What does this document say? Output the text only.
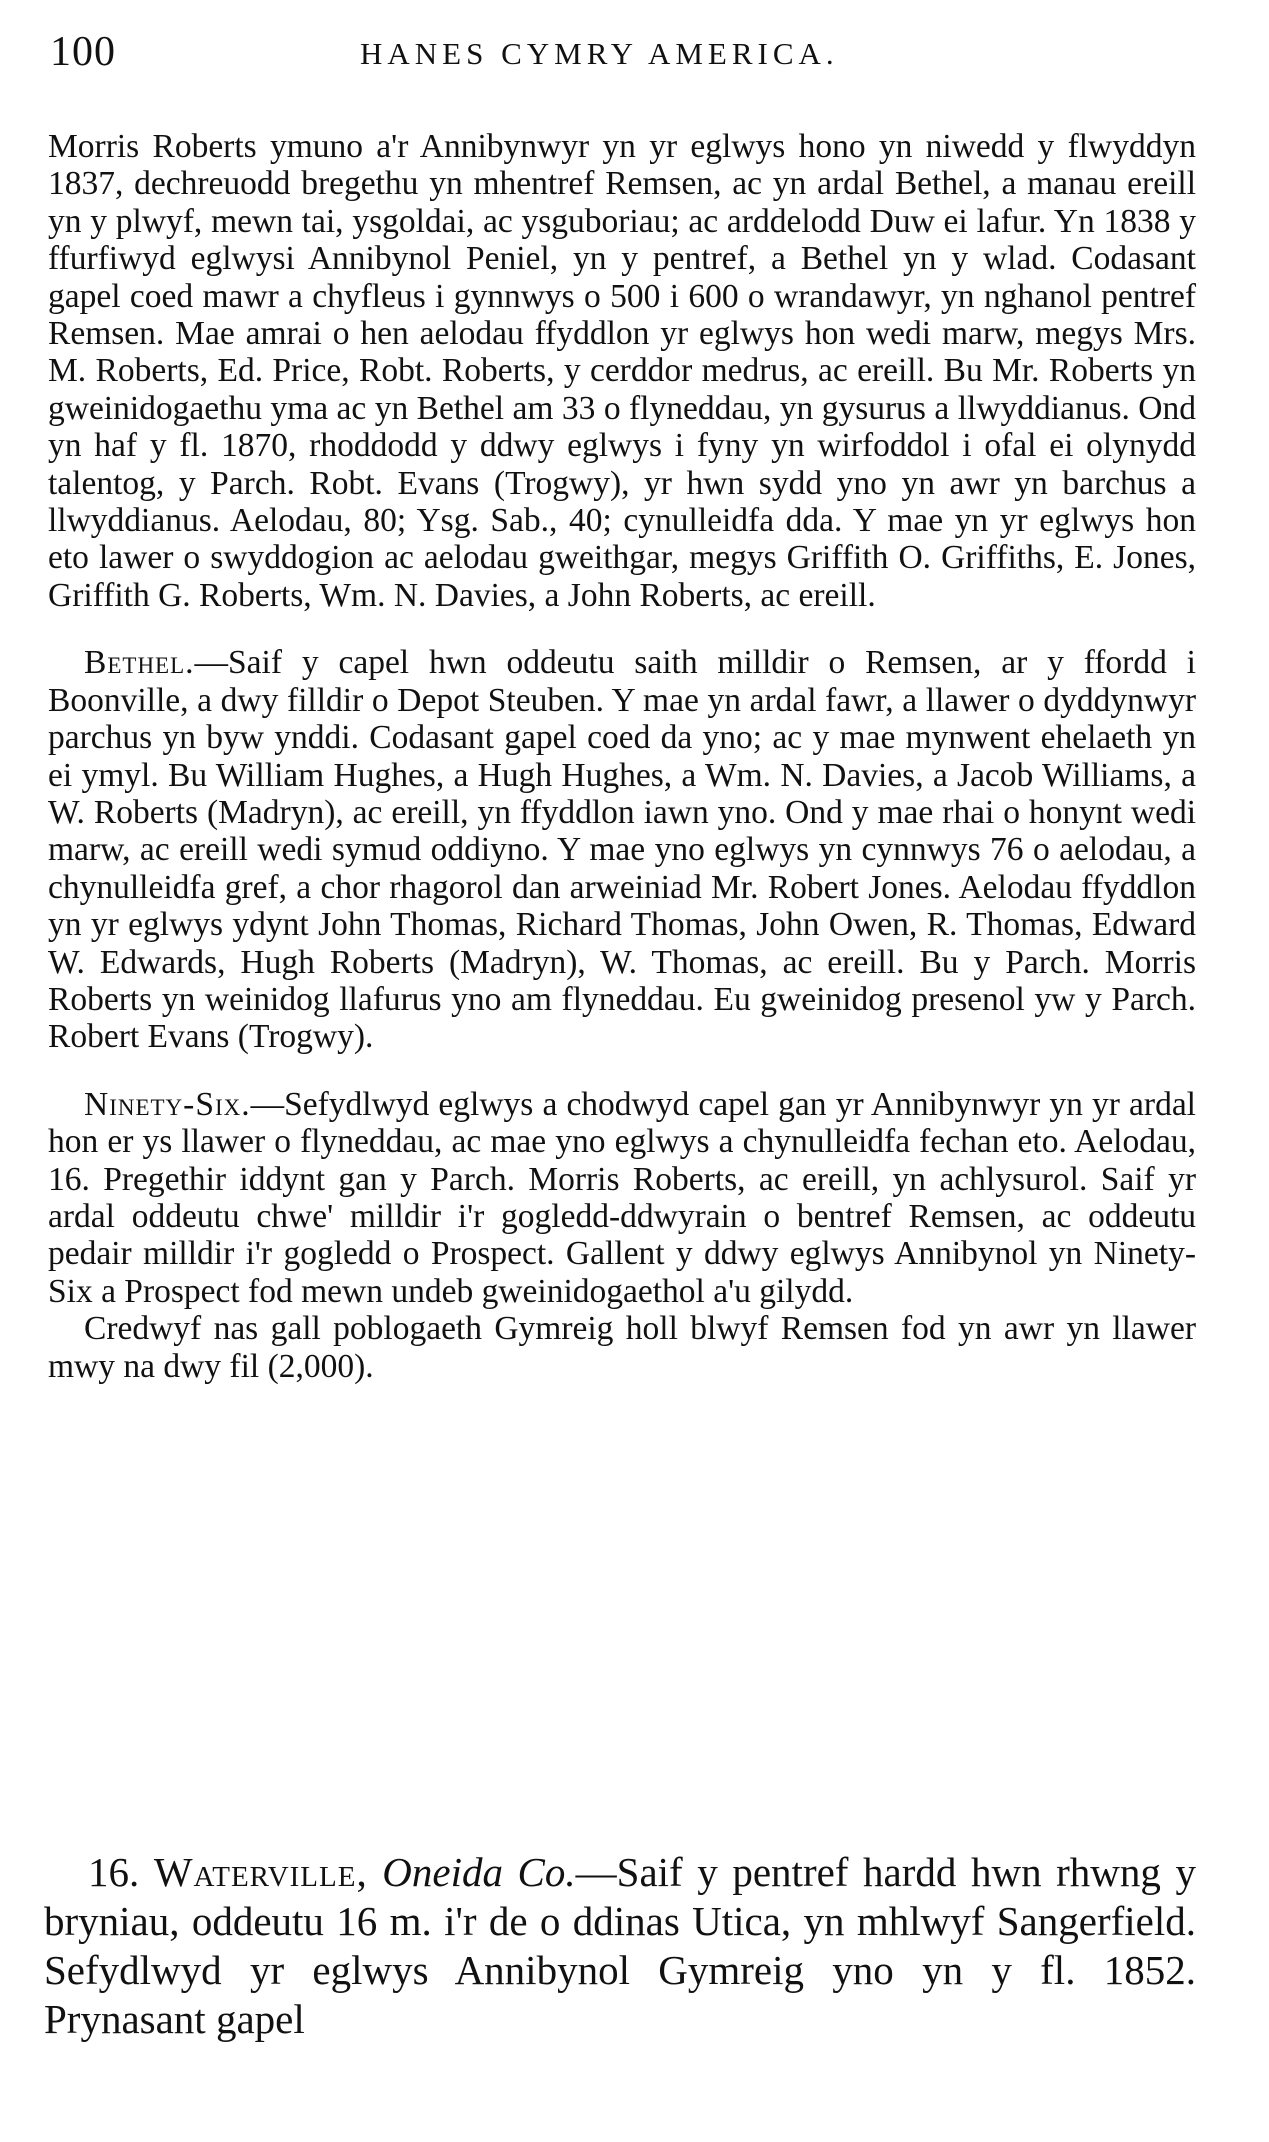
100	HANES CYMRY AMERICA.

Morris Roberts ymuno a'r Annibynwyr yn yr eglwys hono yn niwedd y flwyddyn 1837, dechreuodd bregethu yn mhentref Remsen, ac yn ardal Bethel, a manau ereill yn y plwyf, mewn tai, ysgoldai, ac ysguboriau; ac arddelodd Duw ei lafur. Yn 1838 y ffurfiwyd eglwysi Annibynol Peniel, yn y pentref, a Bethel yn y wlad. Codasant gapel coed mawr a chyfleus i gynnwys o 500 i 600 o wrandawyr, yn nghanol pentref Remsen. Mae amrai o hen aelodau ffyddlon yr eglwys hon wedi marw, megys Mrs. M. Roberts, Ed. Price, Robt. Roberts, y cerddor medrus, ac ereill. Bu Mr. Roberts yn gweinidogaethu yma ac yn Bethel am 33 o flyneddau, yn gysurus a llwyddianus. Ond yn haf y fl. 1870, rhoddodd y ddwy eglwys i fyny yn wirfoddol i ofal ei olynydd talentog, y Parch. Robt. Evans (Trogwy), yr hwn sydd yno yn awr yn barchus a llwyddianus. Aelodau, 80; Ysg. Sab., 40; cynulleidfa dda. Y mae yn yr eglwys hon eto lawer o swyddogion ac aelodau gweithgar, megys Griffith O. Griffiths, E. Jones, Griffith G. Roberts, Wm. N. Davies, a John Roberts, ac ereill.

Bethel.—Saif y capel hwn oddeutu saith milldir o Remsen, ar y ffordd i Boonville, a dwy filldir o Depot Steuben. Y mae yn ardal fawr, a llawer o dyddynwyr parchus yn byw ynddi. Codasant gapel coed da yno; ac y mae mynwent ehelaeth yn ei ymyl. Bu William Hughes, a Hugh Hughes, a Wm. N. Davies, a Jacob Williams, a W. Roberts (Madryn), ac ereill, yn ffyddlon iawn yno. Ond y mae rhai o honynt wedi marw, ac ereill wedi symud oddiyno. Y mae yno eglwys yn cynnwys 76 o aelodau, a chynulleidfa gref, a chor rhagorol dan arweiniad Mr. Robert Jones. Aelodau ffyddlon yn yr eglwys ydynt John Thomas, Richard Thomas, John Owen, R. Thomas, Edward W. Edwards, Hugh Roberts (Madryn), W. Thomas, ac ereill. Bu y Parch. Morris Roberts yn weinidog llafurus yno am flyneddau. Eu gweinidog presenol yw y Parch. Robert Evans (Trogwy).

Ninety-Six.—Sefydlwyd eglwys a chodwyd capel gan yr Annibynwyr yn yr ardal hon er ys llawer o flyneddau, ac mae yno eglwys a chynulleidfa fechan eto. Aelodau, 16. Pregethir iddynt gan y Parch. Morris Roberts, ac ereill, yn achlysurol. Saif yr ardal oddeutu chwe' milldir i'r gogledd-ddwyrain o bentref Remsen, ac oddeutu pedair milldir i'r gogledd o Prospect. Gallent y ddwy eglwys Annibynol yn Ninety-Six a Prospect fod mewn undeb gweinidogaethol a'u gilydd.

Credwyf nas gall poblogaeth Gymreig holl blwyf Remsen fod yn awr yn llawer mwy na dwy fil (2,000).

16. Waterville, Oneida Co.—Saif y pentref hardd hwn rhwng y bryniau, oddeutu 16 m. i'r de o ddinas Utica, yn mhlwyf Sangerfield. Sefydlwyd yr eglwys Annibynol Gymreig yno yn y fl. 1852. Prynasant gapel
